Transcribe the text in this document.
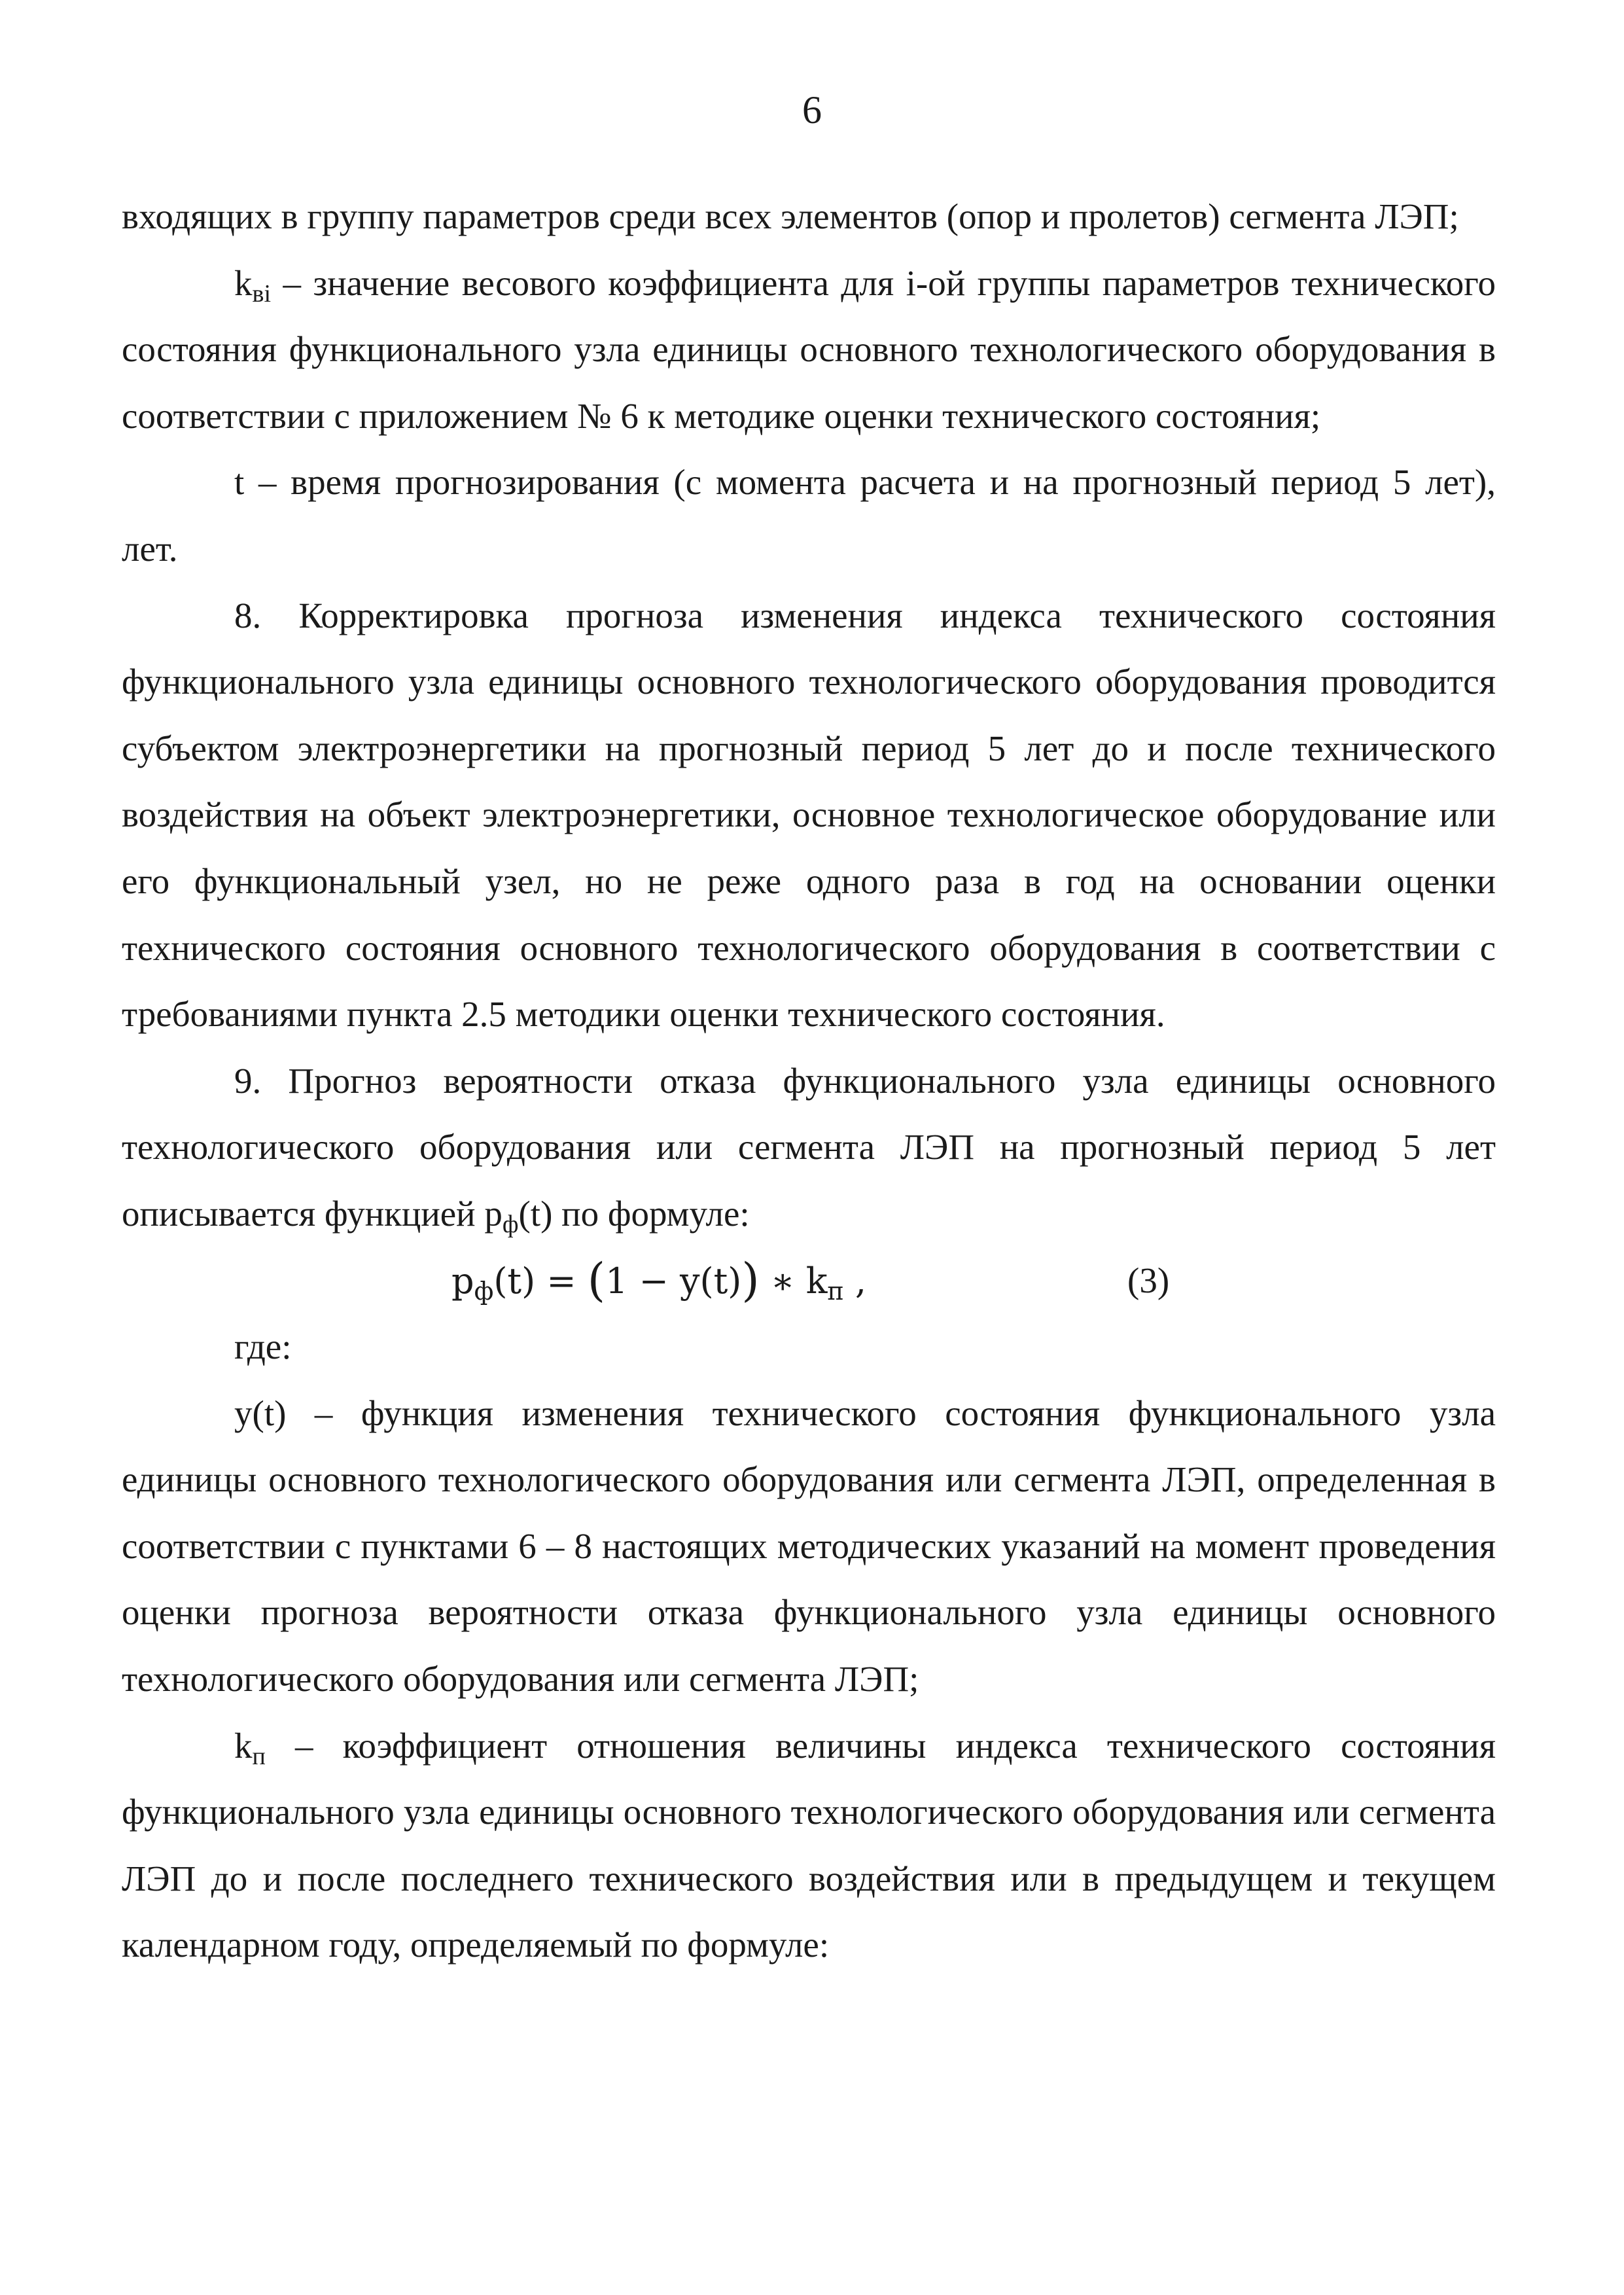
6

входящих в группу параметров среди всех элементов (опор и пролетов) сегмента ЛЭП;

$k_{вi}$ – значение весового коэффициента для i-ой группы параметров технического состояния функционального узла единицы основного технологического оборудования в соответствии с приложением № 6 к методике оценки технического состояния;

t – время прогнозирования (с момента расчета и на прогнозный период 5 лет), лет.

8. Корректировка прогноза изменения индекса технического состояния функционального узла единицы основного технологического оборудования проводится субъектом электроэнергетики на прогнозный период 5 лет до и после технического воздействия на объект электроэнергетики, основное технологическое оборудование или его функциональный узел, но не реже одного раза в год на основании оценки технического состояния основного технологического оборудования в соответствии с требованиями пункта 2.5 методики оценки технического состояния.

9. Прогноз вероятности отказа функционального узла единицы основного технологического оборудования или сегмента ЛЭП на прогнозный период 5 лет описывается функцией $p_ф(t)$ по формуле:

$p_ф(t) = (1 - y(t))$ ∗ $k_п$ ,	(3)

где:

y(t) – функция изменения технического состояния функционального узла единицы основного технологического оборудования или сегмента ЛЭП, определенная в соответствии с пунктами 6 – 8 настоящих методических указаний на момент проведения оценки прогноза вероятности отказа функционального узла единицы основного технологического оборудования или сегмента ЛЭП;

$k_п$ – коэффициент отношения величины индекса технического состояния функционального узла единицы основного технологического оборудования или сегмента ЛЭП до и после последнего технического воздействия или в предыдущем и текущем календарном году, определяемый по формуле:
